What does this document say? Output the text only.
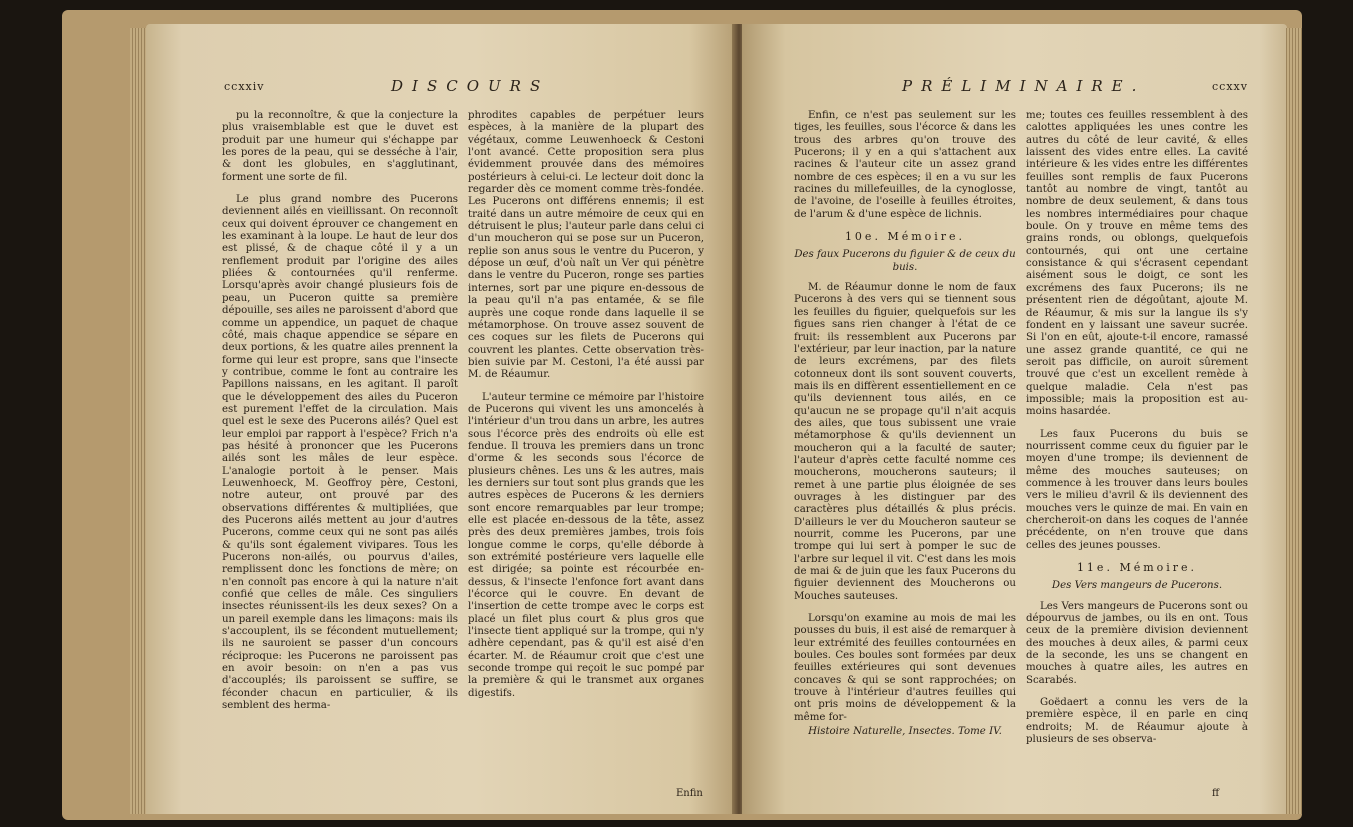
ccxxiv	DISCOURS

pu la reconnoître, & que la conjecture la plus vraisemblable est que le duvet est produit par une humeur qui s'échappe par les pores de la peau, qui se desséche à l'air, & dont les globules, en s'agglutinant, forment une sorte de fil.

Le plus grand nombre des Pucerons deviennent ailés en vieillissant. On reconnoît ceux qui doivent éprouver ce changement en les examinant à la loupe. Le haut de leur dos est plissé, & de chaque côté il y a un renflement produit par l'origine des ailes pliées & contournées qu'il renferme. Lorsqu'après avoir changé plusieurs fois de peau, un Puceron quitte sa première dépouille, ses ailes ne paroissent d'abord que comme un appendice, un paquet de chaque côté, mais chaque appendice se sépare en deux portions, & les quatre ailes prennent la forme qui leur est propre, sans que l'insecte y contribue, comme le font au contraire les Papillons naissans, en les agitant. Il paroît que le développement des ailes du Puceron est purement l'effet de la circulation. Mais quel est le sexe des Pucerons ailés? Quel est leur emploi par rapport à l'espèce? Frich n'a pas hésité à prononcer que les Pucerons ailés sont les mâles de leur espèce. L'analogie portoit à le penser. Mais Leuwenhoeck, M. Geoffroy père, Cestoni, notre auteur, ont prouvé par des observations différentes & multipliées, que des Pucerons ailés mettent au jour d'autres Pucerons, comme ceux qui ne sont pas ailés & qu'ils sont également vivipares. Tous les Pucerons non-ailés, ou pourvus d'ailes, remplissent donc les fonctions de mère; on n'en connoît pas encore à qui la nature n'ait confié que celles de mâle. Ces singuliers insectes réunissent-ils les deux sexes? On a un pareil exemple dans les limaçons: mais ils s'accouplent, ils se fécondent mutuellement; ils ne sauroient se passer d'un concours réciproque: les Pucerons ne paroissent pas en avoir besoin: on n'en a pas vus d'accouplés; ils paroissent se suffire, se féconder chacun en particulier, & ils semblent des herma-

phrodites capables de perpétuer leurs espèces, à la manière de la plupart des végétaux, comme Leuwenhoeck & Cestoni l'ont avancé. Cette proposition sera plus évidemment prouvée dans des mémoires postérieurs à celui-ci. Le lecteur doit donc la regarder dès ce moment comme très-fondée. Les Pucerons ont différens ennemis; il est traité dans un autre mémoire de ceux qui en détruisent le plus; l'auteur parle dans celui ci d'un moucheron qui se pose sur un Puceron, replie son anus sous le ventre du Puceron, y dépose un œuf, d'où naît un Ver qui pénètre dans le ventre du Puceron, ronge ses parties internes, sort par une piqure en-dessous de la peau qu'il n'a pas entamée, & se file auprès une coque ronde dans laquelle il se métamorphose. On trouve assez souvent de ces coques sur les filets de Pucerons qui couvrent les plantes. Cette observation très-bien suivie par M. Cestoni, l'a été aussi par M. de Réaumur.

L'auteur termine ce mémoire par l'histoire de Pucerons qui vivent les uns amoncelés à l'intérieur d'un trou dans un arbre, les autres sous l'écorce près des endroits où elle est fendue. Il trouva les premiers dans un tronc d'orme & les seconds sous l'écorce de plusieurs chênes. Les uns & les autres, mais les derniers sur tout sont plus grands que les autres espèces de Pucerons & les derniers sont encore remarquables par leur trompe; elle est placée en-dessous de la tête, assez près des deux premières jambes, trois fois longue comme le corps, qu'elle déborde à son extrémité postérieure vers laquelle elle est dirigée; sa pointe est récourbée en-dessus, & l'insecte l'enfonce fort avant dans l'écorce qui le couvre. En devant de l'insertion de cette trompe avec le corps est placé un filet plus court & plus gros que l'insecte tient appliqué sur la trompe, qui n'y adhère cependant, pas & qu'il est aisé d'en écarter. M. de Réaumur croit que c'est une seconde trompe qui reçoit le suc pompé par la première & qui le transmet aux organes digestifs.

Enfin
PRÉLIMINAIRE.	ccxxv

Enfin, ce n'est pas seulement sur les tiges, les feuilles, sous l'écorce & dans les trous des arbres qu'on trouve des Pucerons; il y en a qui s'attachent aux racines & l'auteur cite un assez grand nombre de ces espèces; il en a vu sur les racines du millefeuilles, de la cynoglosse, de l'avoine, de l'oseille à feuilles étroites, de l'arum & d'une espèce de lichnis.

10e. Mémoire.

Des faux Pucerons du figuier & de ceux du buis.

M. de Réaumur donne le nom de faux Pucerons à des vers qui se tiennent sous les feuilles du figuier, quelquefois sur les figues sans rien changer à l'état de ce fruit: ils ressemblent aux Pucerons par l'extérieur, par leur inaction, par la nature de leurs excrémens, par des filets cotonneux dont ils sont souvent couverts, mais ils en diffèrent essentiellement en ce qu'ils deviennent tous ailés, en ce qu'aucun ne se propage qu'il n'ait acquis des ailes, que tous subissent une vraie métamorphose & qu'ils deviennent un moucheron qui a la faculté de sauter; l'auteur d'après cette faculté nomme ces moucherons, moucherons sauteurs; il remet à une partie plus éloignée de ses ouvrages à les distinguer par des caractères plus détaillés & plus précis. D'ailleurs le ver du Moucheron sauteur se nourrit, comme les Pucerons, par une trompe qui lui sert à pomper le suc de l'arbre sur lequel il vit. C'est dans les mois de mai & de juin que les faux Pucerons du figuier deviennent des Moucherons ou Mouches sauteuses.

Lorsqu'on examine au mois de mai les pousses du buis, il est aisé de remarquer à leur extrémité des feuilles contournées en boules. Ces boules sont formées par deux feuilles extérieures qui sont devenues concaves & qui se sont rapprochées; on trouve à l'intérieur d'autres feuilles qui ont pris moins de développement & la même for-

Histoire Naturelle, Insectes. Tome IV.

me; toutes ces feuilles ressemblent à des calottes appliquées les unes contre les autres du côté de leur cavité, & elles laissent des vides entre elles. La cavité intérieure & les vides entre les différentes feuilles sont remplis de faux Pucerons tantôt au nombre de vingt, tantôt au nombre de deux seulement, & dans tous les nombres intermédiaires pour chaque boule. On y trouve en même tems des grains ronds, ou oblongs, quelquefois contournés, qui ont une certaine consistance & qui s'écrasent cependant aisément sous le doigt, ce sont les excrémens des faux Pucerons; ils ne présentent rien de dégoûtant, ajoute M. de Réaumur, & mis sur la langue ils s'y fondent en y laissant une saveur sucrée. Si l'on en eût, ajoute-t-il encore, ramassé une assez grande quantité, ce qui ne seroit pas difficile, on auroit sûrement trouvé que c'est un excellent remède à quelque maladie. Cela n'est pas impossible; mais la proposition est au-moins hasardée.

Les faux Pucerons du buis se nourrissent comme ceux du figuier par le moyen d'une trompe; ils deviennent de même des mouches sauteuses; on commence à les trouver dans leurs boules vers le milieu d'avril & ils deviennent des mouches vers le quinze de mai. En vain en chercheroit-on dans les coques de l'année précédente, on n'en trouve que dans celles des jeunes pousses.

11e. Mémoire.

Des Vers mangeurs de Pucerons.

Les Vers mangeurs de Pucerons sont ou dépourvus de jambes, ou ils en ont. Tous ceux de la première division deviennent des mouches à deux ailes, & parmi ceux de la seconde, les uns se changent en mouches à quatre ailes, les autres en Scarabés.

Goëdaert a connu les vers de la première espèce, il en parle en cinq endroits; M. de Réaumur ajoute à plusieurs de ses observa-

ff
